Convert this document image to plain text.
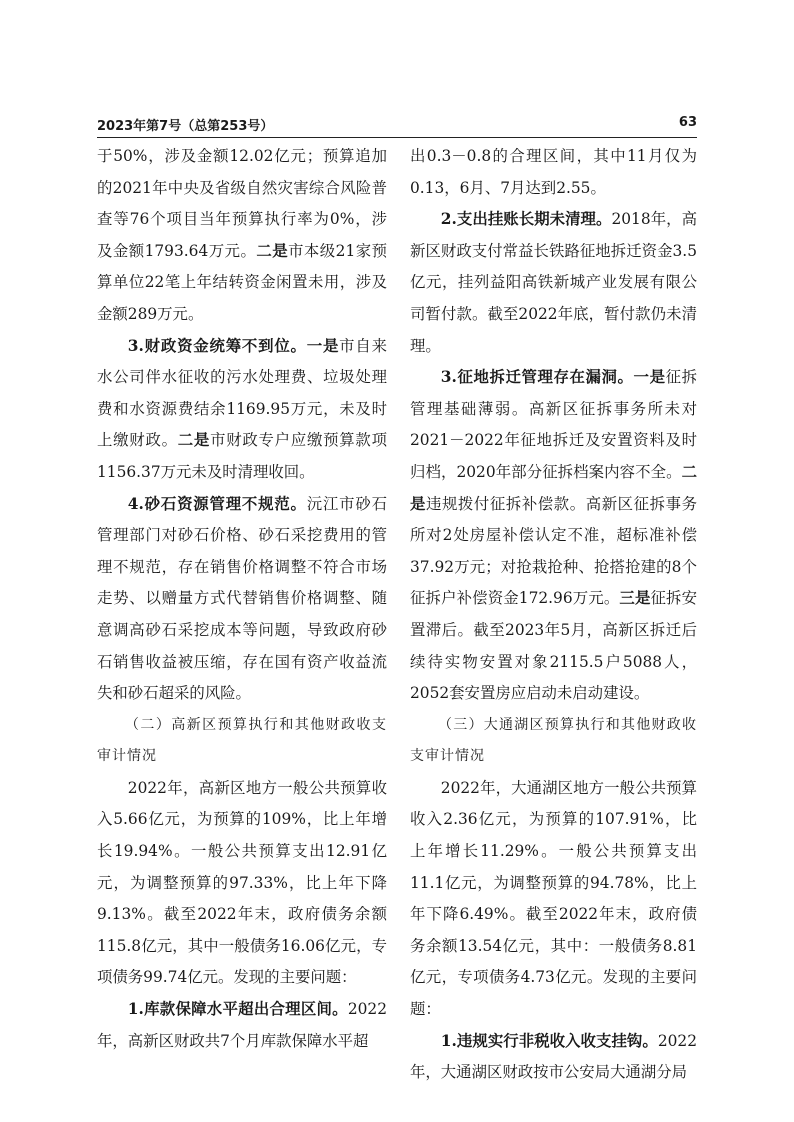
2023年第7号（总第253号）	63

于50%，涉及金额12.02亿元；预算追加的2021年中央及省级自然灾害综合风险普查等76个项目当年预算执行率为0%，涉及金额1793.64万元。二是市本级21家预算单位22笔上年结转资金闲置未用，涉及金额289万元。

3.财政资金统筹不到位。一是市自来水公司伴水征收的污水处理费、垃圾处理费和水资源费结余1169.95万元，未及时上缴财政。二是市财政专户应缴预算款项1156.37万元未及时清理收回。

4.砂石资源管理不规范。沅江市砂石管理部门对砂石价格、砂石采挖费用的管理不规范，存在销售价格调整不符合市场走势、以赠量方式代替销售价格调整、随意调高砂石采挖成本等问题，导致政府砂石销售收益被压缩，存在国有资产收益流失和砂石超采的风险。

（二）高新区预算执行和其他财政收支审计情况

2022年，高新区地方一般公共预算收入5.66亿元，为预算的109%，比上年增长19.94%。一般公共预算支出12.91亿元，为调整预算的97.33%，比上年下降9.13%。截至2022年末，政府债务余额115.8亿元，其中一般债务16.06亿元，专项债务99.74亿元。发现的主要问题：

1.库款保障水平超出合理区间。2022年，高新区财政共7个月库款保障水平超

出0.3－0.8的合理区间，其中11月仅为0.13，6月、7月达到2.55。

2.支出挂账长期未清理。2018年，高新区财政支付常益长铁路征地拆迁资金3.5亿元，挂列益阳高铁新城产业发展有限公司暂付款。截至2022年底，暂付款仍未清理。

3.征地拆迁管理存在漏洞。一是征拆管理基础薄弱。高新区征拆事务所未对2021－2022年征地拆迁及安置资料及时归档，2020年部分征拆档案内容不全。二是违规拨付征拆补偿款。高新区征拆事务所对2处房屋补偿认定不准，超标准补偿37.92万元；对抢栽抢种、抢搭抢建的8个征拆户补偿资金172.96万元。三是征拆安置滞后。截至2023年5月，高新区拆迁后续待实物安置对象2115.5户5088人，2052套安置房应启动未启动建设。

（三）大通湖区预算执行和其他财政收支审计情况

2022年，大通湖区地方一般公共预算收入2.36亿元，为预算的107.91%，比上年增长11.29%。一般公共预算支出11.1亿元，为调整预算的94.78%，比上年下降6.49%。截至2022年末，政府债务余额13.54亿元，其中：一般债务8.81亿元，专项债务4.73亿元。发现的主要问题：

1.违规实行非税收入收支挂钩。2022年，大通湖区财政按市公安局大通湖分局
